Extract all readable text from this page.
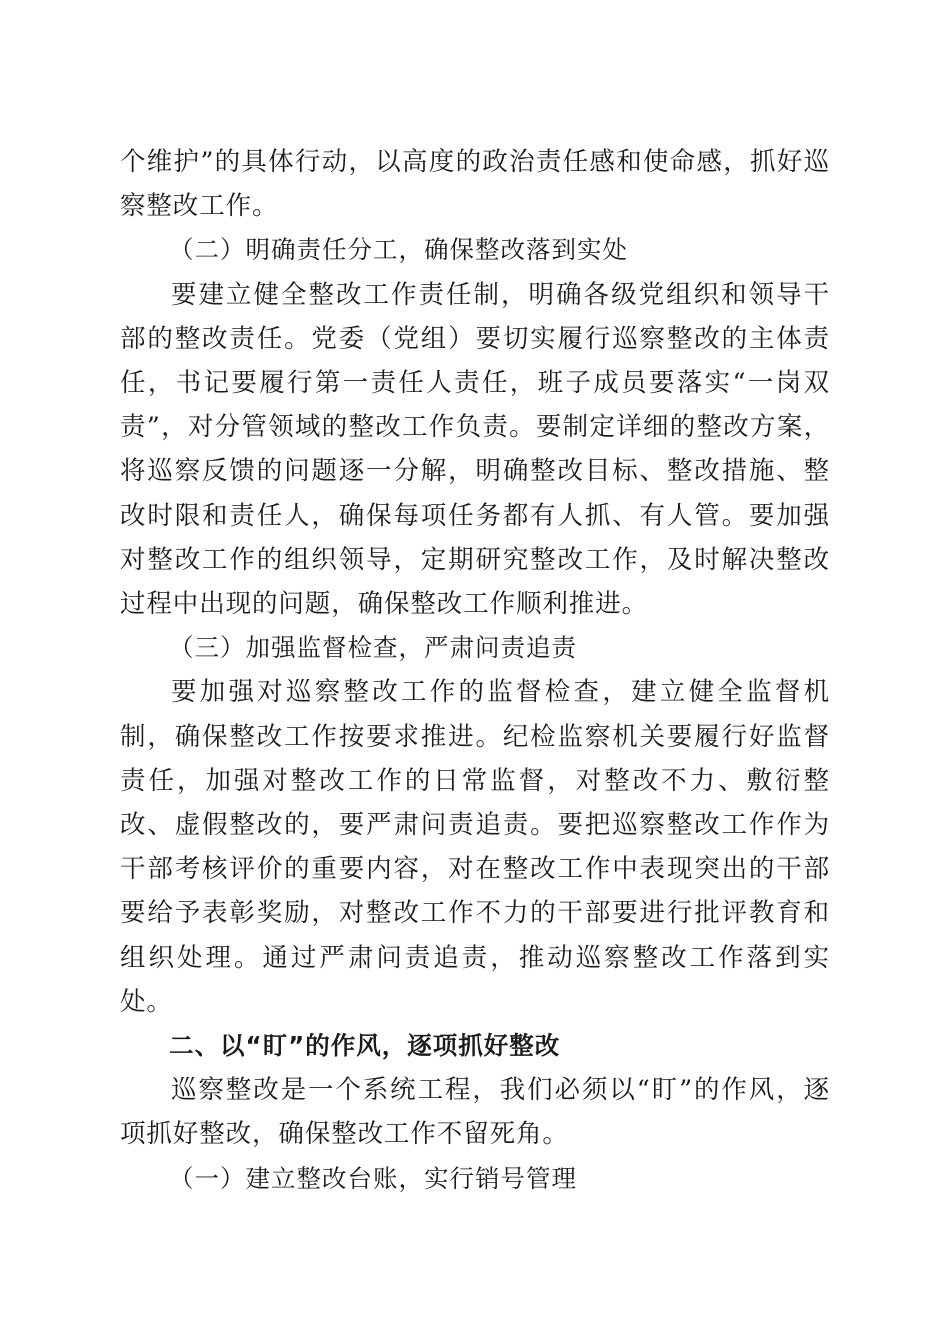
个维护”的具体行动，以高度的政治责任感和使命感，抓好巡察整改工作。

（二）明确责任分工，确保整改落到实处

要建立健全整改工作责任制，明确各级党组织和领导干部的整改责任。党委（党组）要切实履行巡察整改的主体责任，书记要履行第一责任人责任，班子成员要落实“一岗双责”，对分管领域的整改工作负责。要制定详细的整改方案，将巡察反馈的问题逐一分解，明确整改目标、整改措施、整改时限和责任人，确保每项任务都有人抓、有人管。要加强对整改工作的组织领导，定期研究整改工作，及时解决整改过程中出现的问题，确保整改工作顺利推进。

（三）加强监督检查，严肃问责追责

要加强对巡察整改工作的监督检查，建立健全监督机制，确保整改工作按要求推进。纪检监察机关要履行好监督责任，加强对整改工作的日常监督，对整改不力、敷衍整改、虚假整改的，要严肃问责追责。要把巡察整改工作作为干部考核评价的重要内容，对在整改工作中表现突出的干部要给予表彰奖励，对整改工作不力的干部要进行批评教育和组织处理。通过严肃问责追责，推动巡察整改工作落到实处。

二、以“盯”的作风，逐项抓好整改

巡察整改是一个系统工程，我们必须以“盯”的作风，逐项抓好整改，确保整改工作不留死角。

（一）建立整改台账，实行销号管理
